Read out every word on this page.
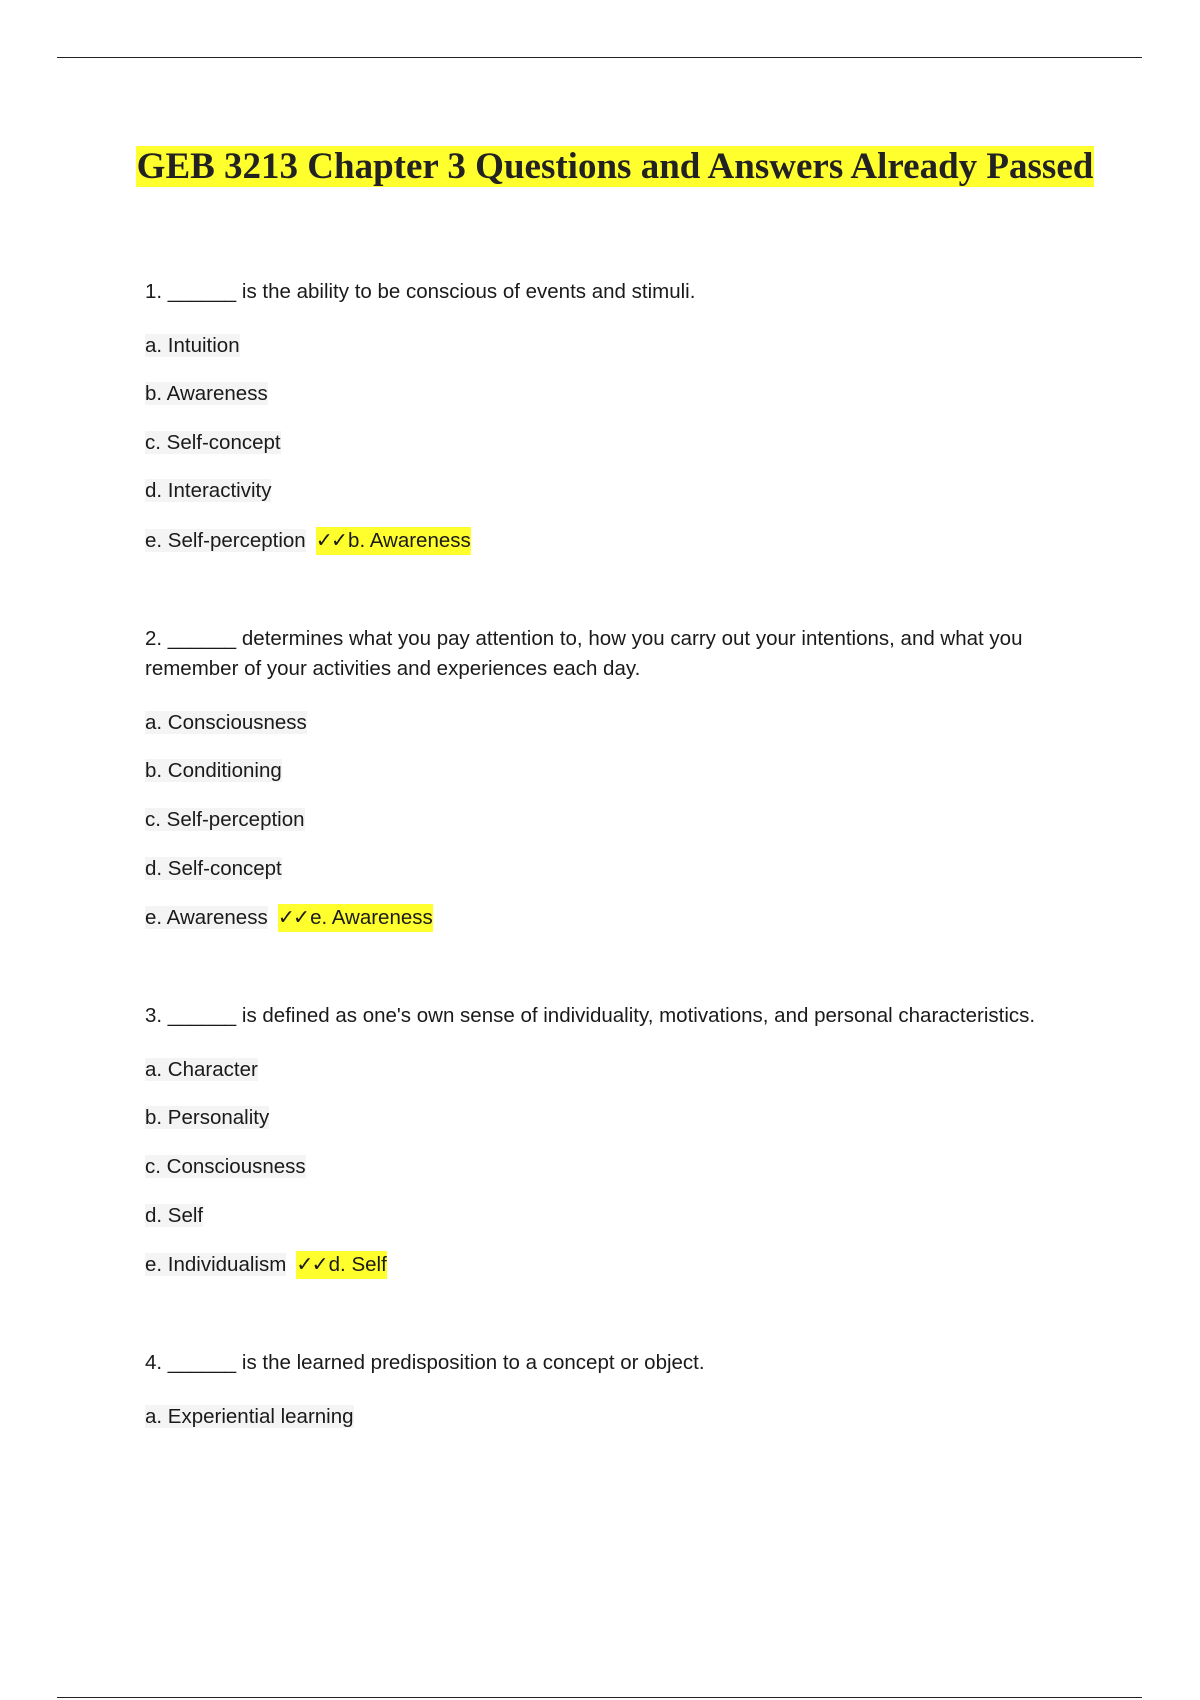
GEB 3213 Chapter 3 Questions and Answers Already Passed
1. ______ is the ability to be conscious of events and stimuli.
a. Intuition
b. Awareness
c. Self-concept
d. Interactivity
e. Self-perception ✓✓b. Awareness
2. ______ determines what you pay attention to, how you carry out your intentions, and what you remember of your activities and experiences each day.
a. Consciousness
b. Conditioning
c. Self-perception
d. Self-concept
e. Awareness ✓✓e. Awareness
3. ______ is defined as one's own sense of individuality, motivations, and personal characteristics.
a. Character
b. Personality
c. Consciousness
d. Self
e. Individualism ✓✓d. Self
4. ______ is the learned predisposition to a concept or object.
a. Experiential learning
